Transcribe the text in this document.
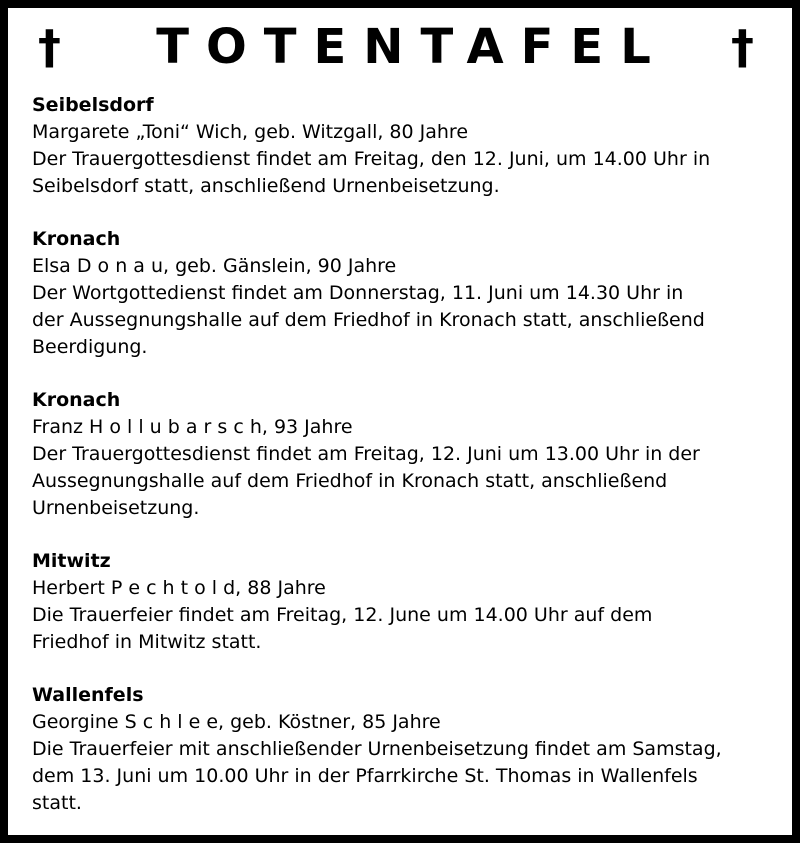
†	TOTENTAFEL	†

Seibelsdorf

Margarete „Toni“ Wich, geb. Witzgall, 80 Jahre

Der Trauergottesdienst findet am Freitag, den 12. Juni, um 14.00 Uhr in

Seibelsdorf statt, anschließend Urnenbeisetzung.

Kronach

Elsa D o n a u, geb. Gänslein, 90 Jahre

Der Wortgottedienst findet am Donnerstag, 11. Juni um 14.30 Uhr in

der Aussegnungshalle auf dem Friedhof in Kronach statt, anschließend

Beerdigung.

Kronach

Franz H o l l u b a r s c h, 93 Jahre

Der Trauergottesdienst findet am Freitag, 12. Juni um 13.00 Uhr in der

Aussegnungshalle auf dem Friedhof in Kronach statt, anschließend

Urnenbeisetzung.

Mitwitz

Herbert P e c h t o l d, 88 Jahre

Die Trauerfeier findet am Freitag, 12. June um 14.00 Uhr auf dem

Friedhof in Mitwitz statt.

Wallenfels

Georgine S c h l e e, geb. Köstner, 85 Jahre

Die Trauerfeier mit anschließender Urnenbeisetzung findet am Samstag,

dem 13. Juni um 10.00 Uhr in der Pfarrkirche St. Thomas in Wallenfels

statt.
